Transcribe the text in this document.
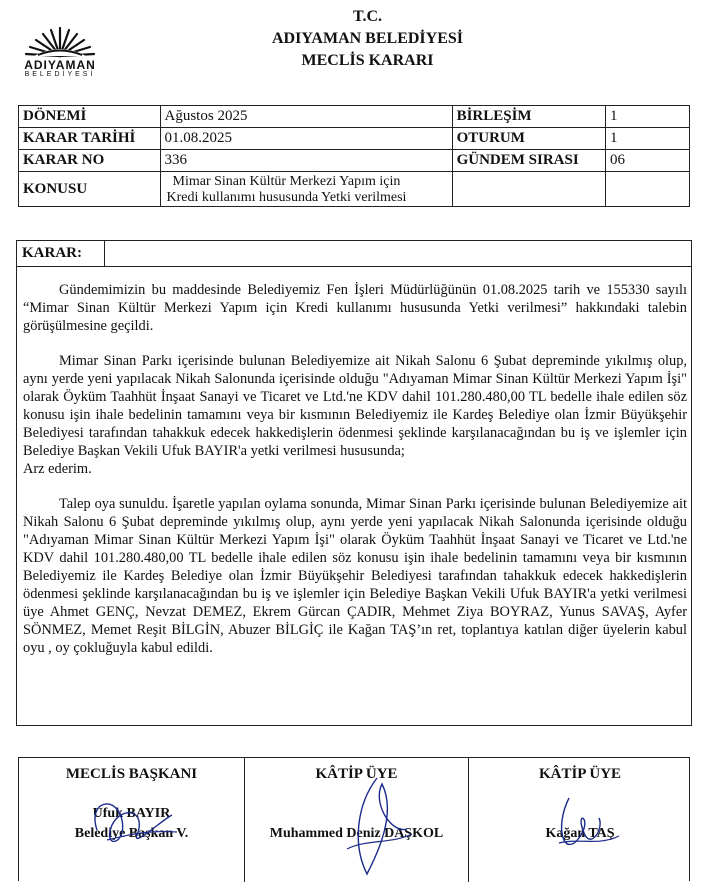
ADIYAMAN
BELEDİYESİ
T.C.
ADIYAMAN BELEDİYESİ
MECLİS KARARI
DÖNEMİ	Ağustos 2025	BİRLEŞİM	1
KARAR TARİHİ	01.08.2025	OTURUM	1
KARAR NO	336	GÜNDEM SIRASI	06
KONUSU	Mimar Sinan Kültür Merkezi Yapım için
Kredi kullanımı hususunda Yetki verilmesi		

KARAR:

Gündemimizin bu maddesinde Belediyemiz Fen İşleri Müdürlüğünün 01.08.2025 tarih ve 155330 sayılı “Mimar Sinan Kültür Merkezi Yapım için Kredi kullanımı hususunda Yetki verilmesi” hakkındaki talebin görüşülmesine geçildi.

Mimar Sinan Parkı içerisinde bulunan Belediyemize ait Nikah Salonu 6 Şubat depreminde yıkılmış olup, aynı yerde yeni yapılacak Nikah Salonunda içerisinde olduğu "Adıyaman Mimar Sinan Kültür Merkezi Yapım İşi" olarak Öyküm Taahhüt İnşaat Sanayi ve Ticaret ve Ltd.'ne KDV dahil 101.280.480,00 TL bedelle ihale edilen söz konusu işin ihale bedelinin tamamını veya bir kısmının Belediyemiz ile Kardeş Belediye olan İzmir Büyükşehir Belediyesi tarafından tahakkuk edecek hakkedişlerin ödenmesi şeklinde karşılanacağından bu iş ve işlemler için Belediye Başkan Vekili Ufuk BAYIR'a yetki verilmesi hususunda;

Arz ederim.

Talep oya sunuldu. İşaretle yapılan oylama sonunda, Mimar Sinan Parkı içerisinde bulunan Belediyemize ait Nikah Salonu 6 Şubat depreminde yıkılmış olup, aynı yerde yeni yapılacak Nikah Salonunda içerisinde olduğu "Adıyaman Mimar Sinan Kültür Merkezi Yapım İşi" olarak Öyküm Taahhüt İnşaat Sanayi ve Ticaret ve Ltd.'ne KDV dahil 101.280.480,00 TL bedelle ihale edilen söz konusu işin ihale bedelinin tamamını veya bir kısmının Belediyemiz ile Kardeş Belediye olan İzmir Büyükşehir Belediyesi tarafından tahakkuk edecek hakkedişlerin ödenmesi şeklinde karşılanacağından bu iş ve işlemler için Belediye Başkan Vekili Ufuk BAYIR'a yetki verilmesi üye Ahmet GENÇ, Nevzat DEMEZ, Ekrem Gürcan ÇADIR, Mehmet Ziya BOYRAZ, Yunus SAVAŞ, Ayfer SÖNMEZ, Memet Reşit BİLGİN, Abuzer BİLGİÇ ile Kağan TAŞ’ın ret, toplantıya katılan diğer üyelerin kabul oyu , oy çokluğuyla kabul edildi.

MECLİS BAŞKANI
Ufuk BAYIR
Belediye Başkan V.
KÂTİP ÜYE
Muhammed Deniz DAŞKOL
KÂTİP ÜYE
Kağan TAŞ
